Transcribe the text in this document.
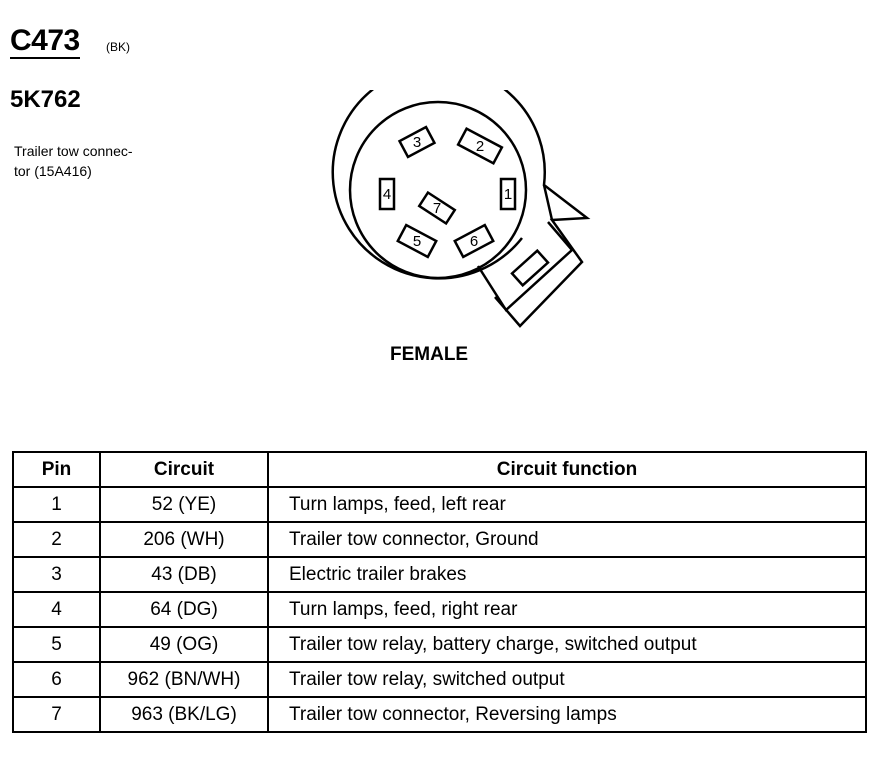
C473 (BK)
5K762
Trailer tow connec-
tor (15A416)
1
2
3
4
5	6
7
FEMALE
Pin	Circuit	Circuit function
1	52 (YE)	Turn lamps, feed, left rear
2	206 (WH)	Trailer tow connector, Ground
3	43 (DB)	Electric trailer brakes
4	64 (DG)	Turn lamps, feed, right rear
5	49 (OG)	Trailer tow relay, battery charge, switched output
6	962 (BN/WH)	Trailer tow relay, switched output
7	963 (BK/LG)	Trailer tow connector, Reversing lamps
